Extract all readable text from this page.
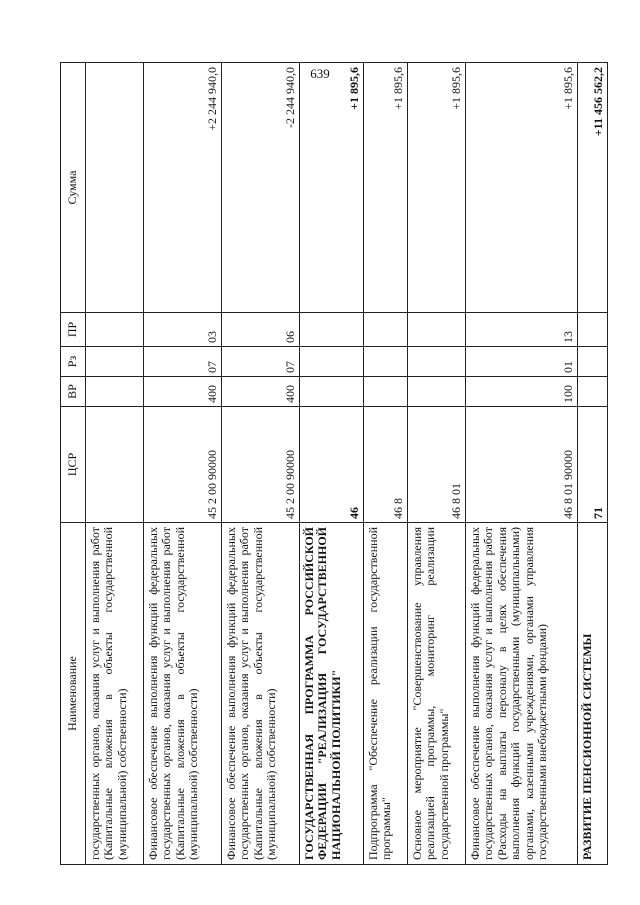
639
Наименование	ЦСР	ВР	Рз	ПР	Сумма
государственных органов, оказания услуг и выполнения работ (Капитальные вложения в объекты государственной (муниципальной) собственности)					
Финансовое обеспечение выполнения функций федеральных государственных органов, оказания услуг и выполнения работ (Капитальные вложения в объекты государственной (муниципальной) собственности)	45 2 00 90000	400	07	03	+2 244 940,0
Финансовое обеспечение выполнения функций федеральных государственных органов, оказания услуг и выполнения работ (Капитальные вложения в объекты государственной (муниципальной) собственности)	45 2 00 90000	400	07	06	-2 244 940,0
ГОСУДАРСТВЕННАЯ ПРОГРАММА РОССИЙСКОЙ ФЕДЕРАЦИИ "РЕАЛИЗАЦИЯ ГОСУДАРСТВЕННОЙ НАЦИОНАЛЬНОЙ ПОЛИТИКИ"	46				+1 895,6
Подпрограмма "Обеспечение реализации государственной программы"	46 8				+1 895,6
Основное мероприятие "Совершенствование управления реализацией программы, мониторинг реализации государственной программы"	46 8 01				+1 895,6
Финансовое обеспечение выполнения функций федеральных государственных органов, оказания услуг и выполнения работ (Расходы на выплаты персоналу в целях обеспечения выполнения функций государственными (муниципальными) органами, казенными учреждениями, органами управления государственными внебюджетными фондами)	46 8 01 90000	100	01	13	+1 895,6
РАЗВИТИЕ ПЕНСИОННОЙ СИСТЕМЫ	71				+11 456 562,2
